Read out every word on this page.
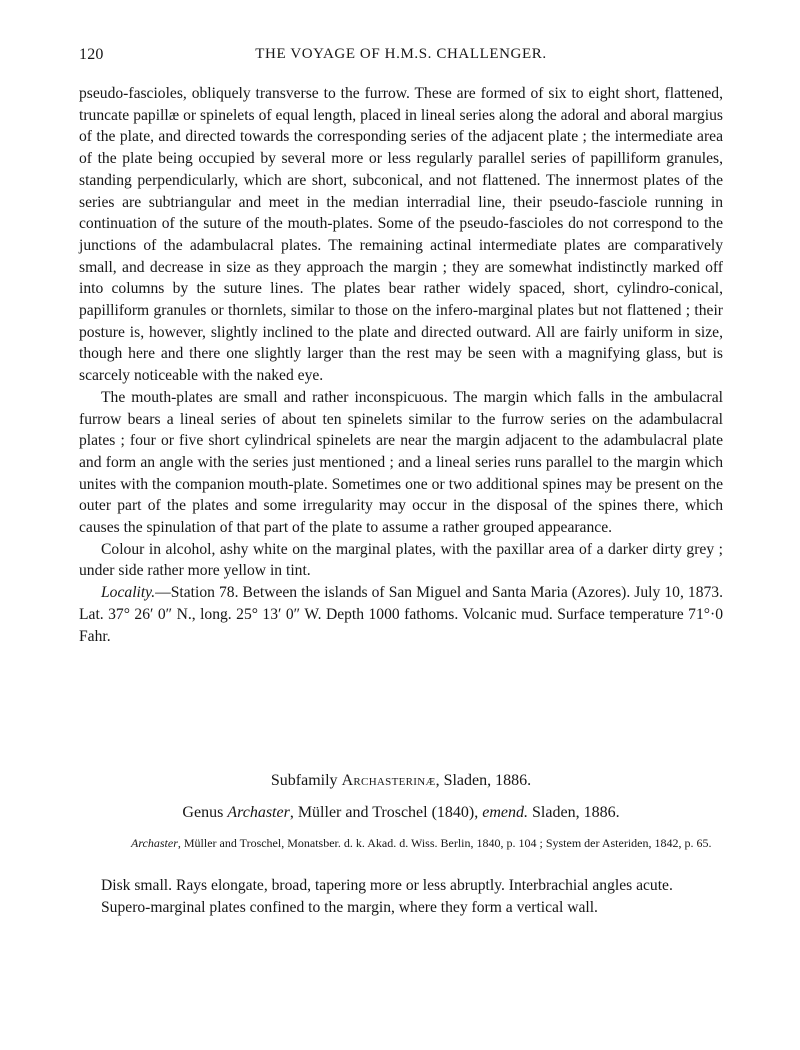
120	THE VOYAGE OF H.M.S. CHALLENGER.

pseudo-fascioles, obliquely transverse to the furrow. These are formed of six to eight short, flattened, truncate papillæ or spinelets of equal length, placed in lineal series along the adoral and aboral margius of the plate, and directed towards the corresponding series of the adjacent plate ; the intermediate area of the plate being occupied by several more or less regularly parallel series of papilliform granules, standing perpendicularly, which are short, subconical, and not flattened. The innermost plates of the series are subtriangular and meet in the median interradial line, their pseudo-fasciole running in continuation of the suture of the mouth-plates. Some of the pseudo-fascioles do not correspond to the junctions of the adambulacral plates. The remaining actinal intermediate plates are comparatively small, and decrease in size as they approach the margin ; they are somewhat indistinctly marked off into columns by the suture lines. The plates bear rather widely spaced, short, cylindro-conical, papilliform granules or thornlets, similar to those on the infero-marginal plates but not flattened ; their posture is, however, slightly inclined to the plate and directed outward. All are fairly uniform in size, though here and there one slightly larger than the rest may be seen with a magnifying glass, but is scarcely noticeable with the naked eye.

The mouth-plates are small and rather inconspicuous. The margin which falls in the ambulacral furrow bears a lineal series of about ten spinelets similar to the furrow series on the adambulacral plates ; four or five short cylindrical spinelets are near the margin adjacent to the adambulacral plate and form an angle with the series just mentioned ; and a lineal series runs parallel to the margin which unites with the companion mouth-plate. Sometimes one or two additional spines may be present on the outer part of the plates and some irregularity may occur in the disposal of the spines there, which causes the spinulation of that part of the plate to assume a rather grouped appearance.

Colour in alcohol, ashy white on the marginal plates, with the paxillar area of a darker dirty grey ; under side rather more yellow in tint.

Locality.—Station 78. Between the islands of San Miguel and Santa Maria (Azores). July 10, 1873. Lat. 37° 26′ 0″ N., long. 25° 13′ 0″ W. Depth 1000 fathoms. Volcanic mud. Surface temperature 71°·0 Fahr.

Subfamily Archasterinæ, Sladen, 1886.
Genus Archaster, Müller and Troschel (1840), emend. Sladen, 1886.
Archaster, Müller and Troschel, Monatsber. d. k. Akad. d. Wiss. Berlin, 1840, p. 104 ; System der Asteriden, 1842, p. 65.

Disk small. Rays elongate, broad, tapering more or less abruptly. Interbrachial angles acute.

Supero-marginal plates confined to the margin, where they form a vertical wall.
